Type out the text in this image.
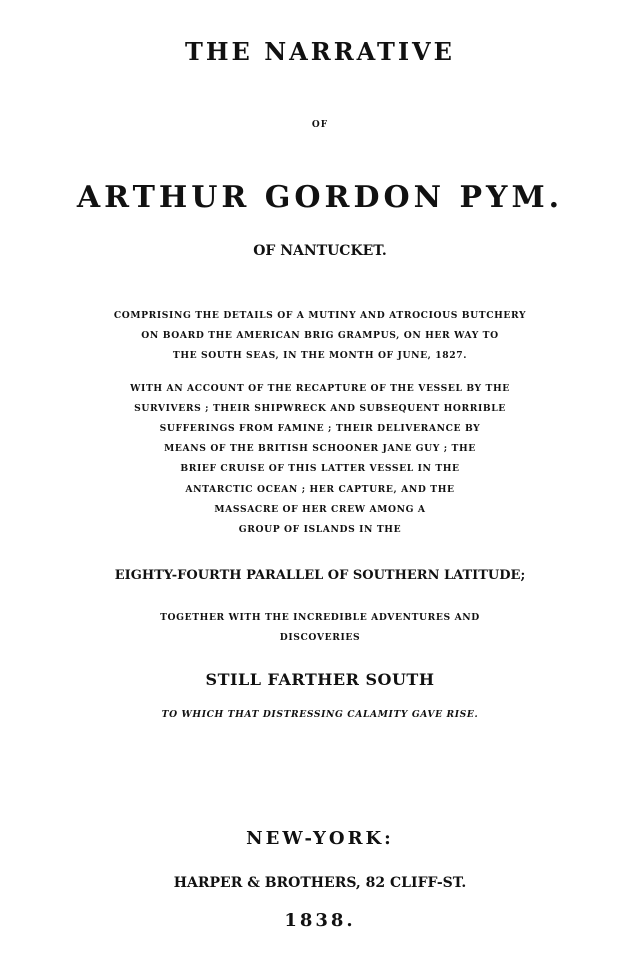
THE NARRATIVE
OF
ARTHUR GORDON PYM.
OF NANTUCKET.
COMPRISING THE DETAILS OF A MUTINY AND ATROCIOUS BUTCHERY
ON BOARD THE AMERICAN BRIG GRAMPUS, ON HER WAY TO
THE SOUTH SEAS, IN THE MONTH OF JUNE, 1827.
WITH AN ACCOUNT OF THE RECAPTURE OF THE VESSEL BY THE
SURVIVERS ; THEIR SHIPWRECK AND SUBSEQUENT HORRIBLE
SUFFERINGS FROM FAMINE ; THEIR DELIVERANCE BY
MEANS OF THE BRITISH SCHOONER JANE GUY ; THE
BRIEF CRUISE OF THIS LATTER VESSEL IN THE
ANTARCTIC OCEAN ; HER CAPTURE, AND THE
MASSACRE OF HER CREW AMONG A
GROUP OF ISLANDS IN THE
EIGHTY-FOURTH PARALLEL OF SOUTHERN LATITUDE;
TOGETHER WITH THE INCREDIBLE ADVENTURES AND
DISCOVERIES
STILL FARTHER SOUTH
TO WHICH THAT DISTRESSING CALAMITY GAVE RISE.
NEW-YORK:
HARPER & BROTHERS, 82 CLIFF-ST.
1838.
